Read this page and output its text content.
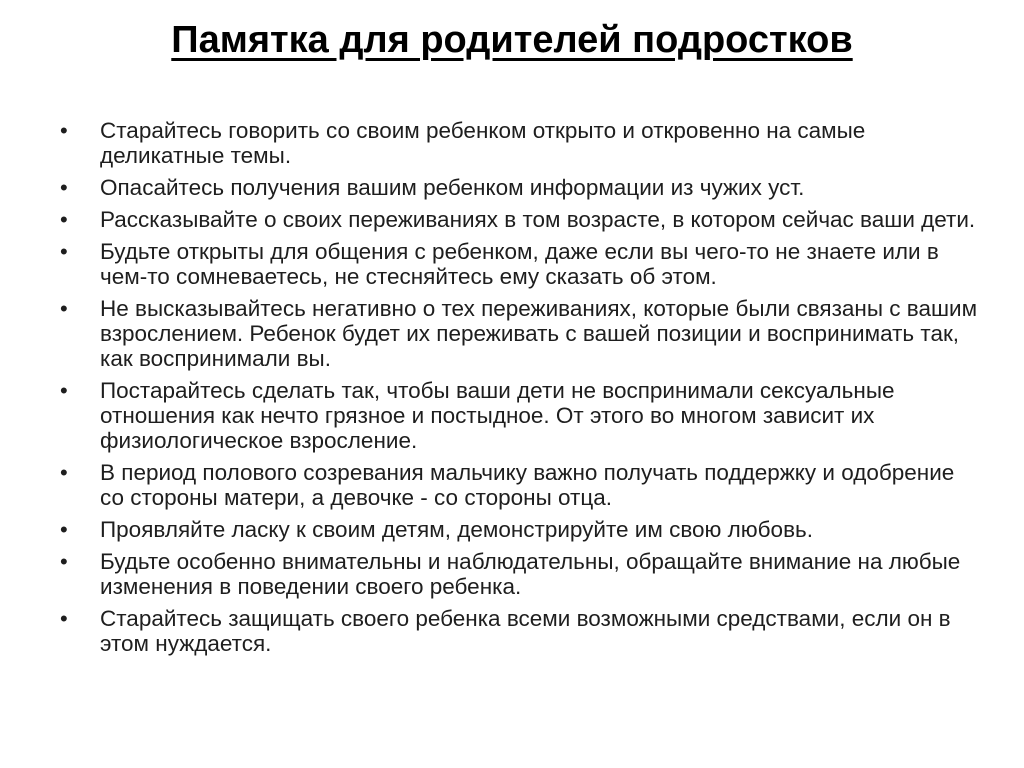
Памятка для родителей подростков
•	Старайтесь говорить со своим ребенком открыто и откровенно на самые деликатные темы.
•	Опасайтесь получения вашим ребенком информации из чужих уст.
•	Рассказывайте о своих переживаниях в том возрасте, в котором сейчас ваши дети.
•	Будьте открыты для общения с ребенком, даже если вы чего-то не знаете или в чем-то сомневаетесь, не стесняйтесь ему сказать об этом.
•	Не высказывайтесь негативно о тех переживаниях, которые были связаны с вашим взрослением. Ребенок будет их переживать с вашей позиции и воспринимать так, как воспринимали вы.
•	Постарайтесь сделать так, чтобы ваши дети не воспринимали сексуальные отношения как нечто грязное и постыдное. От этого во многом зависит их физиологическое взросление.
•	В период полового созревания мальчику важно получать поддержку и одобрение со стороны матери, а девочке - со стороны отца.
•	Проявляйте ласку к своим детям, демонстрируйте им свою любовь.
•	Будьте особенно внимательны и наблюдательны, обращайте внимание на любые изменения в поведении своего ребенка.
•	Старайтесь защищать своего ребенка всеми возможными средствами, если он в этом нуждается.
